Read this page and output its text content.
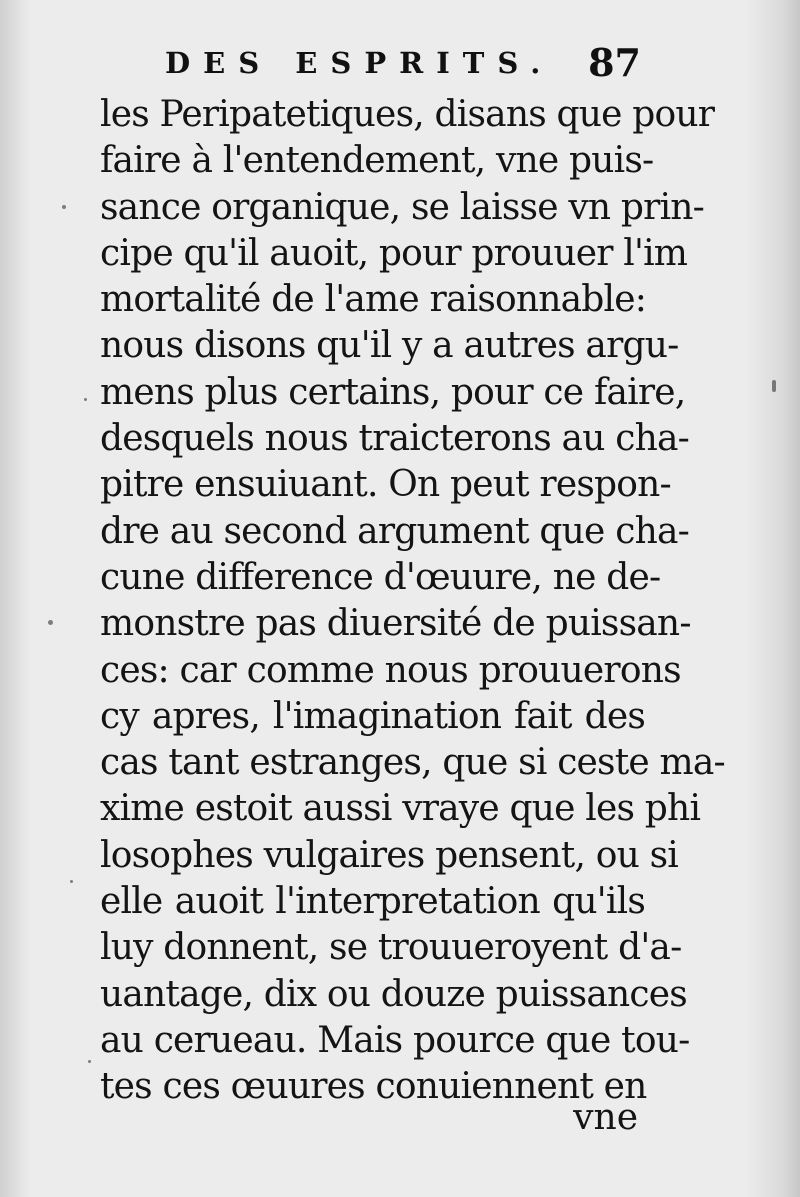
DES ESPRITS. 87
les Peripatetiques, disans que pour
faire à l'entendement, vne puis-
sance organique, se laisse vn prin-
cipe qu'il auoit, pour prouuer l'im
mortalité de l'ame raisonnable:
nous disons qu'il y a autres argu-
mens plus certains, pour ce faire,
desquels nous traicterons au cha-
pitre ensuiuant. On peut respon-
dre au second argument que cha-
cune difference d'œuure, ne de-
monstre pas diuersité de puissan-
ces: car comme nous prouuerons
cy apres, l'imagination fait des
cas tant estranges, que si ceste ma-
xime estoit aussi vraye que les phi
losophes vulgaires pensent, ou si
elle auoit l'interpretation qu'ils
luy donnent, se trouueroyent d'a-
uantage, dix ou douze puissances
au cerueau. Mais pource que tou-
tes ces œuures conuiennent en
vne
